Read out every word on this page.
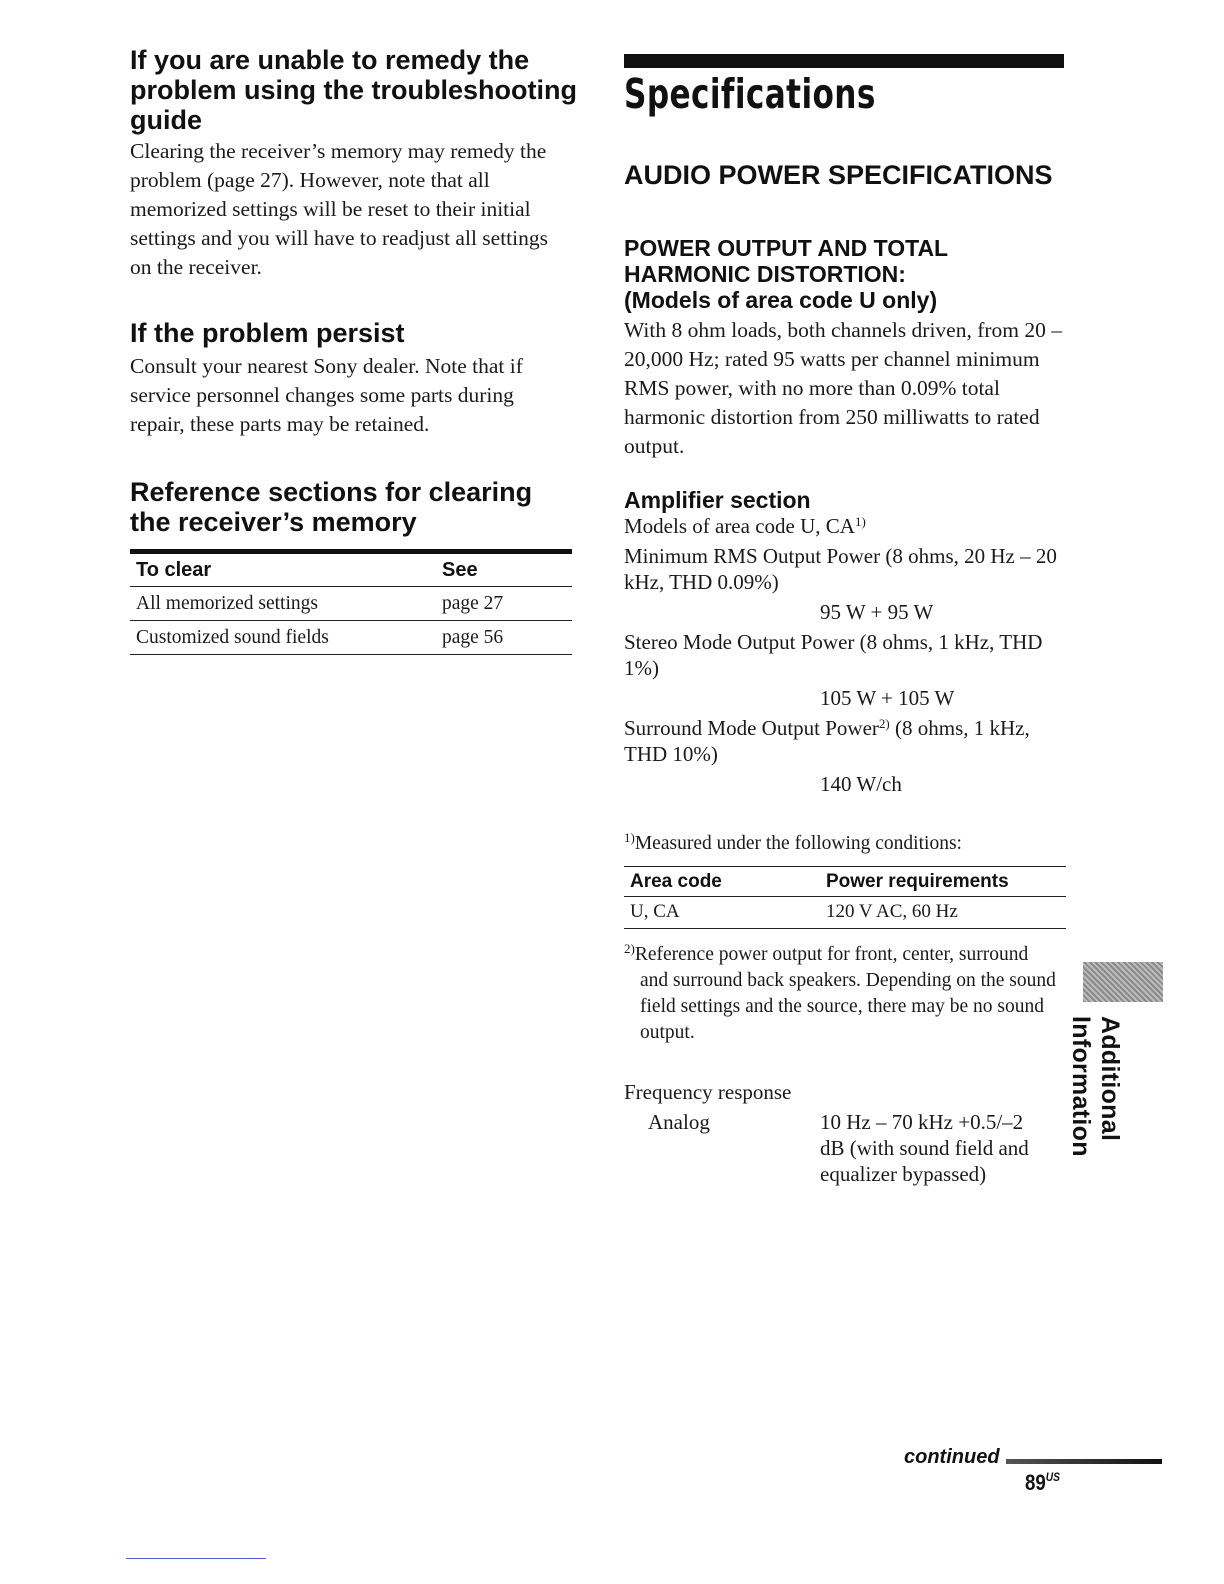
If you are unable to remedy the problem using the troubleshooting guide

Clearing the receiver’s memory may remedy the problem (page 27). However, note that all memorized settings will be reset to their initial settings and you will have to readjust all settings on the receiver.

If the problem persist

Consult your nearest Sony dealer. Note that if service personnel changes some parts during repair, these parts may be retained.

Reference sections for clearing the receiver’s memory
To clear	See
All memorized settings	page 27
Customized sound fields	page 56
Specifications
AUDIO POWER SPECIFICATIONS

POWER OUTPUT AND TOTAL HARMONIC DISTORTION:

(Models of area code U only)

With 8 ohm loads, both channels driven, from 20 – 20,000 Hz; rated 95 watts per channel minimum RMS power, with no more than 0.09% total harmonic distortion from 250 milliwatts to rated output.

Amplifier section

Models of area code U, CA$^{1)}$

Minimum RMS Output Power (8 ohms, 20 Hz – 20 kHz, THD 0.09%)

95 W + 95 W

Stereo Mode Output Power (8 ohms, 1 kHz, THD 1%)

105 W + 105 W

Surround Mode Output Power$^{2)}$ (8 ohms, 1 kHz, THD 10%)

140 W/ch

$^{1)}$Measured under the following conditions:

Area code	Power requirements
U, CA	120 V AC, 60 Hz

$^{2)}$Reference power output for front, center, surround
and surround back speakers. Depending on the sound field settings and the source, there may be no sound output.

Frequency response
Analog	10 Hz – 70 kHz +0.5/–2 dB (with sound field and equalizer bypassed)
Additional Information
continued
$89^{US}$
